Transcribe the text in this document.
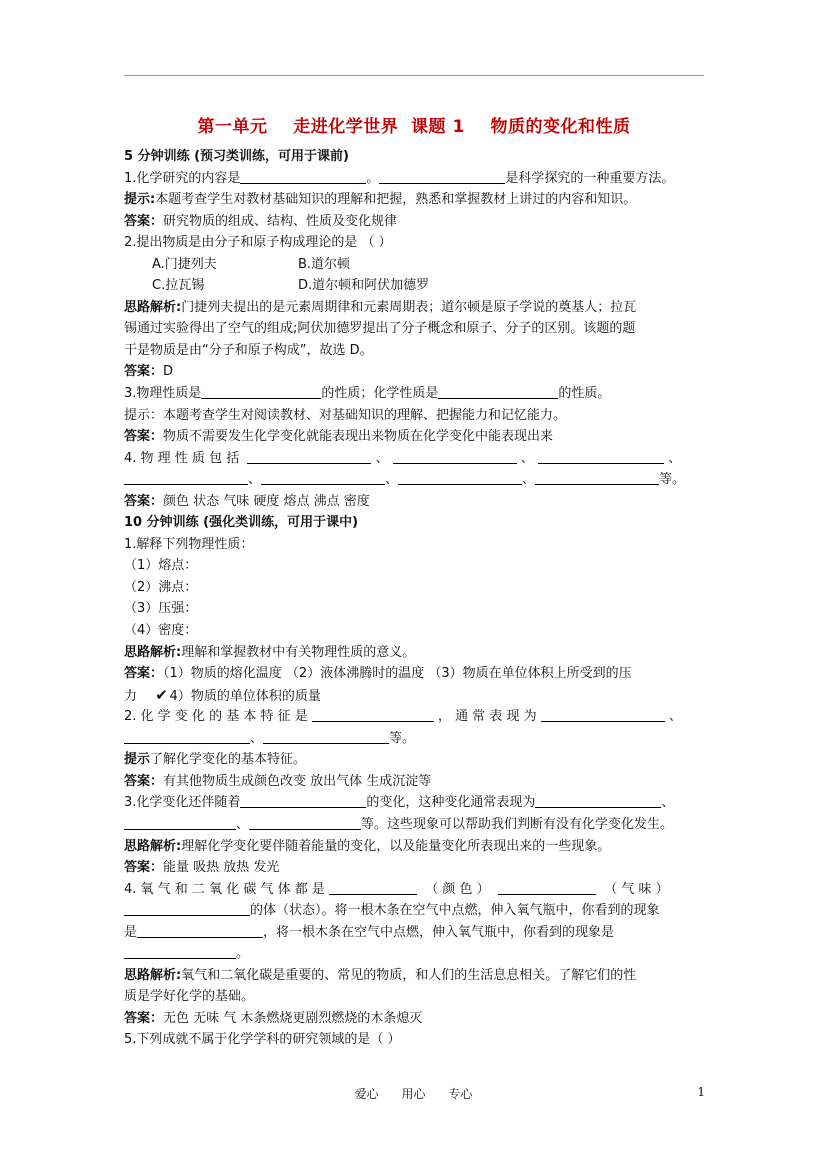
第一单元    走进化学世界  课题 1    物质的变化和性质
5 分钟训练 (预习类训练，可用于课前)
1.化学研究的内容是	。	是科学探究的一种重要方法。
提示:本题考查学生对教材基础知识的理解和把握，熟悉和掌握教材上讲过的内容和知识。
答案：研究物质的组成、结构、性质及变化规律
2.提出物质是由分子和原子构成理论的是 （ ）
A.门捷列夫	B.道尔顿
C.拉瓦锡	D.道尔顿和阿伏加德罗
思路解析:门捷列夫提出的是元素周期律和元素周期表；道尔顿是原子学说的奠基人；拉瓦
锡通过实验得出了空气的组成;阿伏加德罗提出了分子概念和原子、分子的区别。该题的题
干是物质是由“分子和原子构成”，故选 D。
答案：D
3.物理性质是	的性质；化学性质是	的性质。
提示：本题考查学生对阅读教材、对基础知识的理解、把握能力和记忆能力。
答案：物质不需要发生化学变化就能表现出来物质在化学变化中能表现出来
4. 物 理 性 质 包 括	、	、	、
、	、	、	等。
答案：颜色 状态 气味 硬度 熔点 沸点 密度
10 分钟训练 (强化类训练，可用于课中)
1.解释下列物理性质：
（1）熔点：
（2）沸点：
（3）压强：
（4）密度：
思路解析:理解和掌握教材中有关物理性质的意义。
答案：（1）物质的熔化温度 （2）液体沸腾时的温度 （3）物质在单位体积上所受到的压
力 ✔ 4）物质的单位体积的质量
2. 化 学 变 化 的 基 本 特 征 是	， 通 常 表 现 为	、
、	等。
提示了解化学变化的基本特征。
答案：有其他物质生成颜色改变 放出气体 生成沉淀等
3.化学变化还伴随着	的变化，这种变化通常表现为	、
、	等。这些现象可以帮助我们判断有没有化学变化发生。
思路解析:理解化学变化要伴随着能量的变化，以及能量变化所表现出来的一些现象。
答案：能量 吸热 放热 发光
4. 氧 气 和 二 氧 化 碳 气 体 都 是	（ 颜 色 ）	（ 气 味 ）
的体（状态）。将一根木条在空气中点燃，伸入氧气瓶中，你看到的现象
是	，将一根木条在空气中点燃，伸入氧气瓶中，你看到的现象是
。
思路解析:氧气和二氧化碳是重要的、常见的物质，和人们的生活息息相关。了解它们的性
质是学好化学的基础。
答案：无色 无味 气 木条燃烧更剧烈燃烧的木条熄灭
5.下列成就不属于化学学科的研究领域的是（ ）
爱心      用心      专心	1
